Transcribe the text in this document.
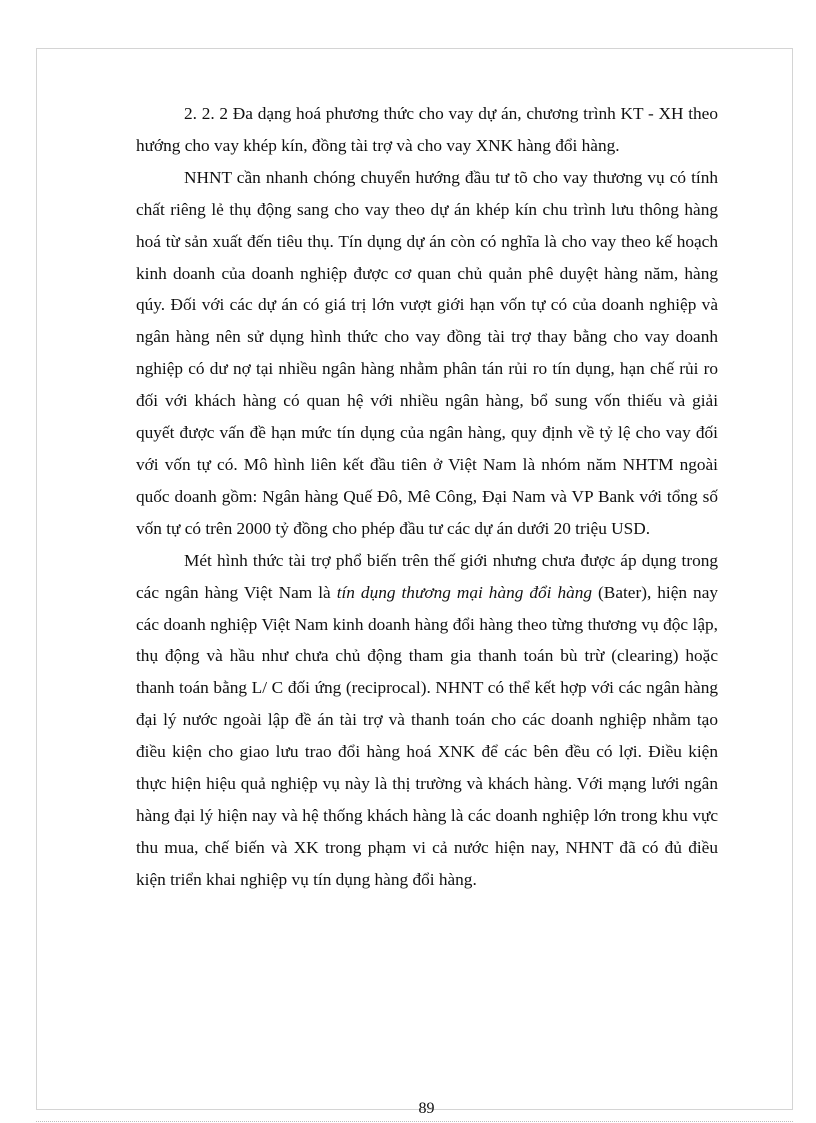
2. 2. 2 Đa dạng hoá phương thức cho vay dự án, chương trình KT - XH theo hướng cho vay khép kín, đồng tài trợ và cho vay XNK hàng đổi hàng.

NHNT cần nhanh chóng chuyển hướng đầu tư tõ cho vay thương vụ có tính chất riêng lẻ thụ động sang cho vay theo dự án khép kín chu trình lưu thông hàng hoá từ sản xuất đến tiêu thụ. Tín dụng dự án còn có nghĩa là cho vay theo kế hoạch kinh doanh của doanh nghiệp được cơ quan chủ quản phê duyệt hàng năm, hàng qúy. Đối với các dự án có giá trị lớn vượt giới hạn vốn tự có của doanh nghiệp và ngân hàng nên sử dụng hình thức cho vay đồng tài trợ thay bằng cho vay doanh nghiệp có dư nợ tại nhiều ngân hàng nhằm phân tán rủi ro tín dụng, hạn chế rủi ro đối với khách hàng có quan hệ với nhiều ngân hàng, bổ sung vốn thiếu và giải quyết được vấn đề hạn mức tín dụng của ngân hàng, quy định về tỷ lệ cho vay đối với vốn tự có. Mô hình liên kết đầu tiên ở Việt Nam là nhóm năm NHTM ngoài quốc doanh gồm: Ngân hàng Quế Đô, Mê Công, Đại Nam và VP Bank với tổng số vốn tự có trên 2000 tỷ đồng cho phép đầu tư các dự án dưới 20 triệu USD.

Mét hình thức tài trợ phổ biến trên thế giới nhưng chưa được áp dụng trong các ngân hàng Việt Nam là tín dụng thương mại hàng đổi hàng (Bater), hiện nay các doanh nghiệp Việt Nam kinh doanh hàng đổi hàng theo từng thương vụ độc lập, thụ động và hầu như chưa chủ động tham gia thanh toán bù trừ (clearing) hoặc thanh toán bằng L/ C đối ứng (reciprocal). NHNT có thể kết hợp với các ngân hàng đại lý nước ngoài lập đề án tài trợ và thanh toán cho các doanh nghiệp nhằm tạo điều kiện cho giao lưu trao đổi hàng hoá XNK để các bên đều có lợi. Điều kiện thực hiện hiệu quả nghiệp vụ này là thị trường và khách hàng. Với mạng lưới ngân hàng đại lý hiện nay và hệ thống khách hàng là các doanh nghiệp lớn trong khu vực thu mua, chế biến và XK trong phạm vi cả nước hiện nay, NHNT đã có đủ điều kiện triển khai nghiệp vụ tín dụng hàng đổi hàng.

89
